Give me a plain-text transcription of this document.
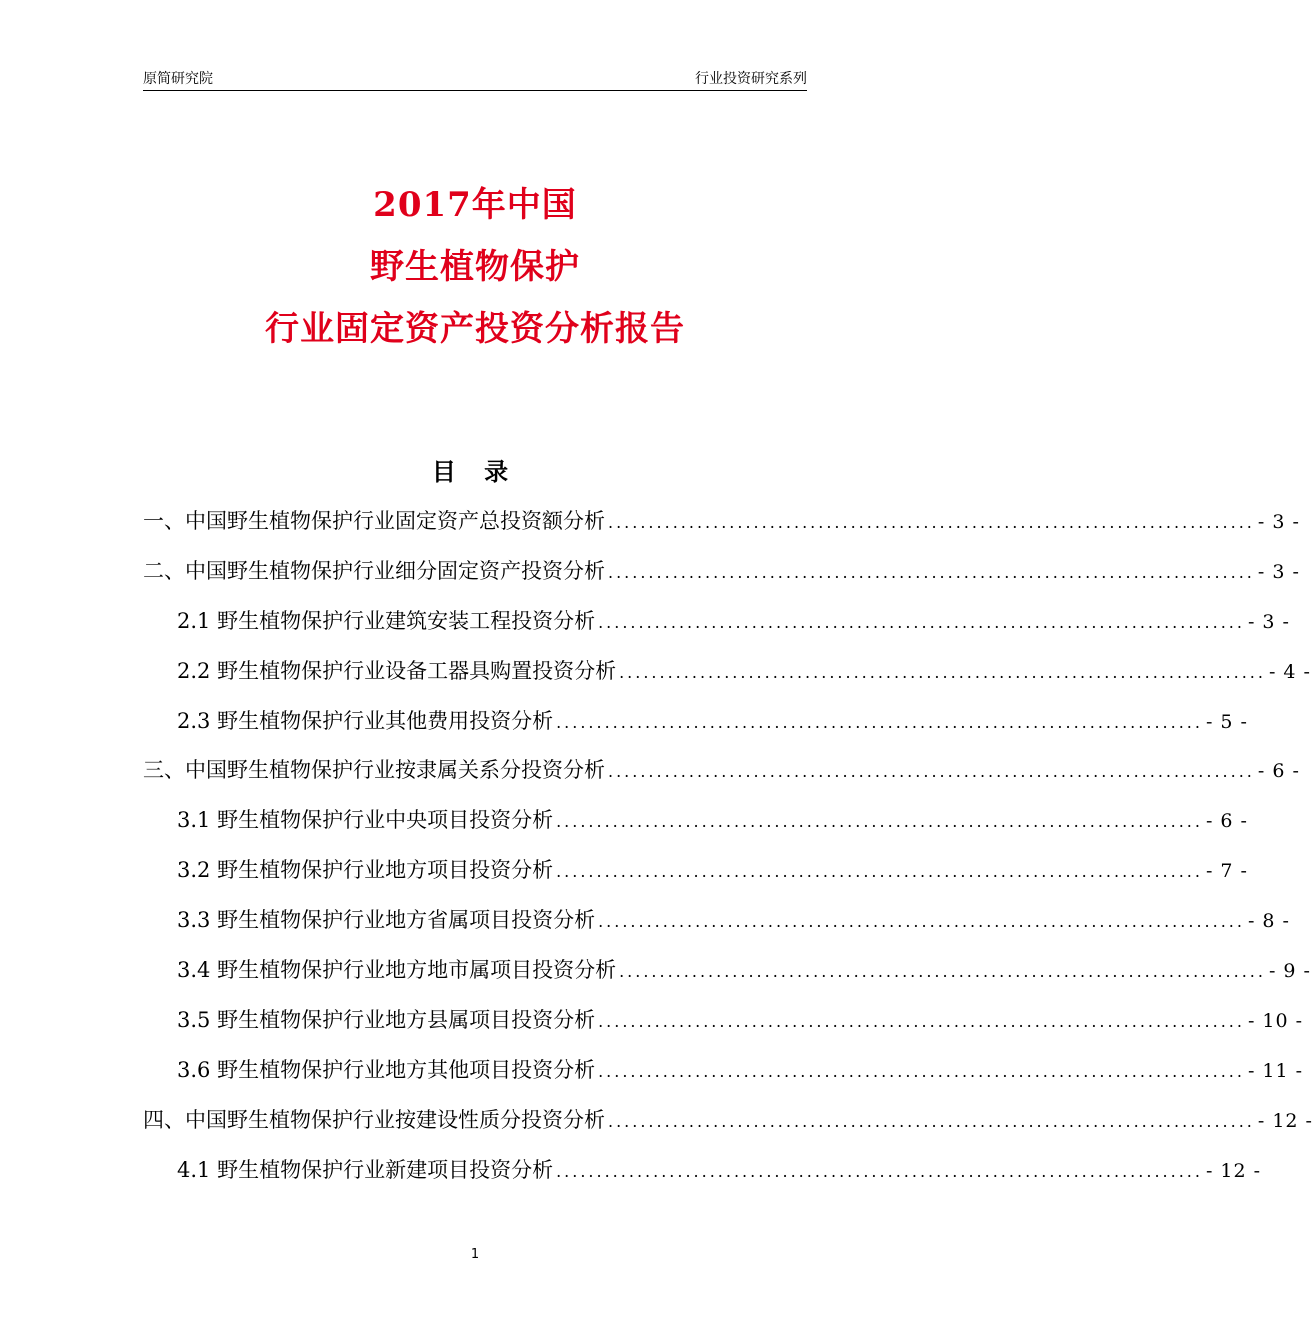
原简研究院	行业投资研究系列
2017年中国
野生植物保护
行业固定资产投资分析报告
目 录
一、中国野生植物保护行业固定资产总投资额分析 ................................................................................ - 3 -
二、中国野生植物保护行业细分固定资产投资分析 ................................................................................ - 3 -
2.1 野生植物保护行业建筑安装工程投资分析 ................................................................................ - 3 -
2.2 野生植物保护行业设备工器具购置投资分析 ................................................................................ - 4 -
2.3 野生植物保护行业其他费用投资分析 ................................................................................ - 5 -
三、中国野生植物保护行业按隶属关系分投资分析 ................................................................................ - 6 -
3.1 野生植物保护行业中央项目投资分析 ................................................................................ - 6 -
3.2 野生植物保护行业地方项目投资分析 ................................................................................ - 7 -
3.3 野生植物保护行业地方省属项目投资分析 ................................................................................ - 8 -
3.4 野生植物保护行业地方地市属项目投资分析 ................................................................................ - 9 -
3.5 野生植物保护行业地方县属项目投资分析 ................................................................................ - 10 -
3.6 野生植物保护行业地方其他项目投资分析 ................................................................................ - 11 -
四、中国野生植物保护行业按建设性质分投资分析 ................................................................................ - 12 -
4.1 野生植物保护行业新建项目投资分析 ................................................................................ - 12 -
1
